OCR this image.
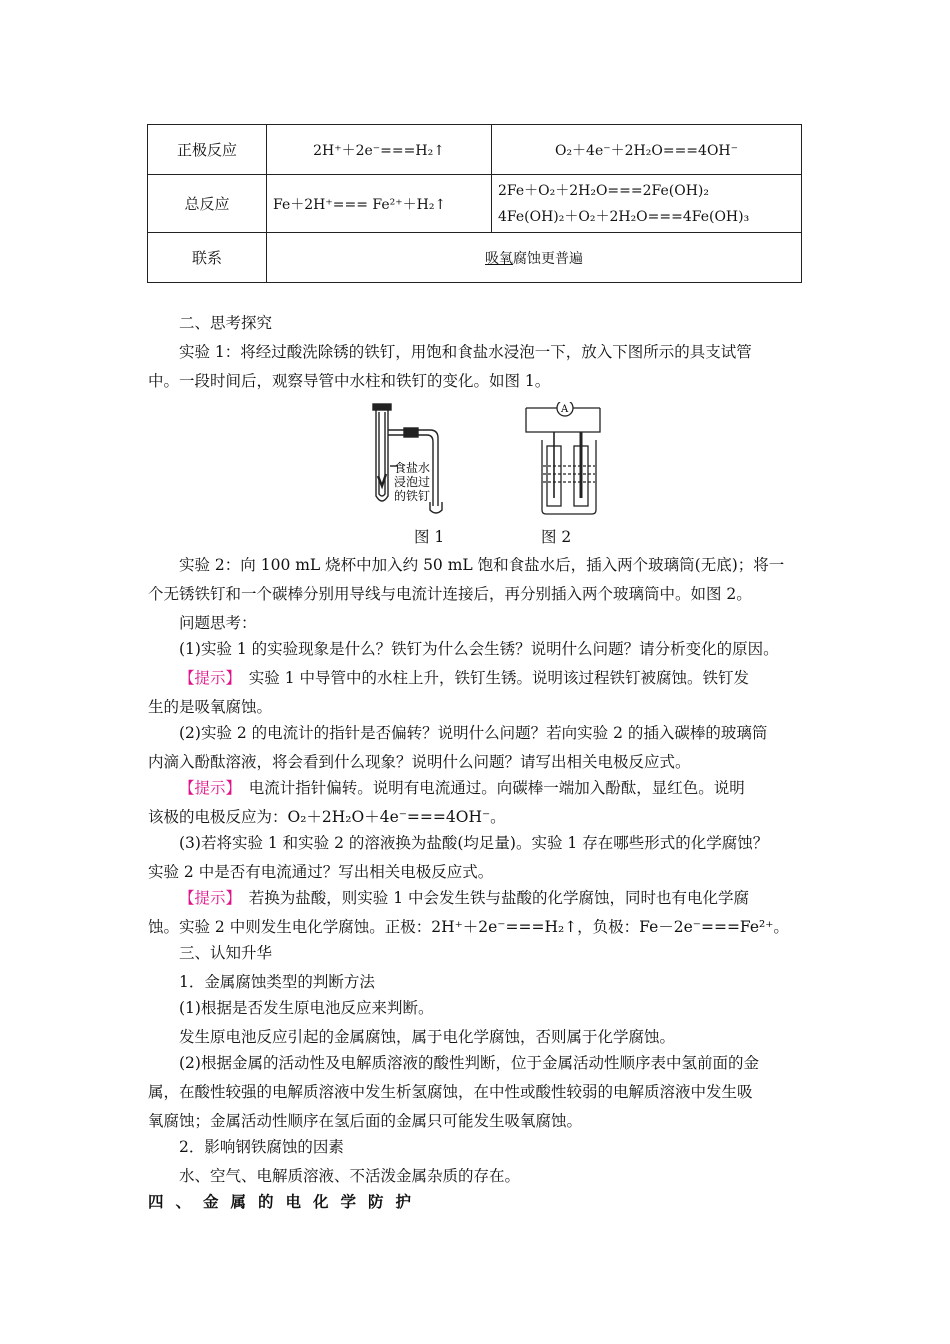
正极反应	2H⁺＋2e⁻===H₂↑	O₂＋4e⁻＋2H₂O===4OH⁻
总反应	Fe＋2H⁺=== Fe²⁺＋H₂↑	2Fe＋O₂＋2H₂O===2Fe(OH)₂
4Fe(OH)₂＋O₂＋2H₂O===4Fe(OH)₃

联系	吸氧腐蚀更普遍	
二、思考探究
实验 1：将经过酸洗除锈的铁钉，用饱和食盐水浸泡一下，放入下图所示的具支试管
中。一段时间后，观察导管中水柱和铁钉的变化。如图 1。
食盐水
浸泡过
的铁钉
A
图 1	图 2
实验 2：向 100 mL 烧杯中加入约 50 mL 饱和食盐水后，插入两个玻璃筒(无底)；将一
个无锈铁钉和一个碳棒分别用导线与电流计连接后，再分别插入两个玻璃筒中。如图 2。
问题思考：
(1)实验 1 的实验现象是什么？铁钉为什么会生锈？说明什么问题？请分析变化的原因。
【提示】　 实验 1 中导管中的水柱上升，铁钉生锈。说明该过程铁钉被腐蚀。铁钉发
生的是吸氧腐蚀。
(2)实验 2 的电流计的指针是否偏转？说明什么问题？若向实验 2 的插入碳棒的玻璃筒
内滴入酚酞溶液，将会看到什么现象？说明什么问题？请写出相关电极反应式。
【提示】　 电流计指针偏转。说明有电流通过。向碳棒一端加入酚酞，显红色。说明
该极的电极反应为：O₂＋2H₂O＋4e⁻===4OH⁻。
(3)若将实验 1 和实验 2 的溶液换为盐酸(均足量)。实验 1 存在哪些形式的化学腐蚀？
实验 2 中是否有电流通过？写出相关电极反应式。
【提示】　 若换为盐酸，则实验 1 中会发生铁与盐酸的化学腐蚀，同时也有电化学腐
蚀。实验 2 中则发生电化学腐蚀。正极：2H⁺＋2e⁻===H₂↑，负极：Fe－2e⁻===Fe²⁺。
三、认知升华
1．金属腐蚀类型的判断方法
(1)根据是否发生原电池反应来判断。
发生原电池反应引起的金属腐蚀，属于电化学腐蚀，否则属于化学腐蚀。
(2)根据金属的活动性及电解质溶液的酸性判断，位于金属活动性顺序表中氢前面的金
属，在酸性较强的电解质溶液中发生析氢腐蚀，在中性或酸性较弱的电解质溶液中发生吸
氧腐蚀；金属活动性顺序在氢后面的金属只可能发生吸氧腐蚀。
2．影响钢铁腐蚀的因素
水、空气、电解质溶液、不活泼金属杂质的存在。
四、金属的电化学防护
